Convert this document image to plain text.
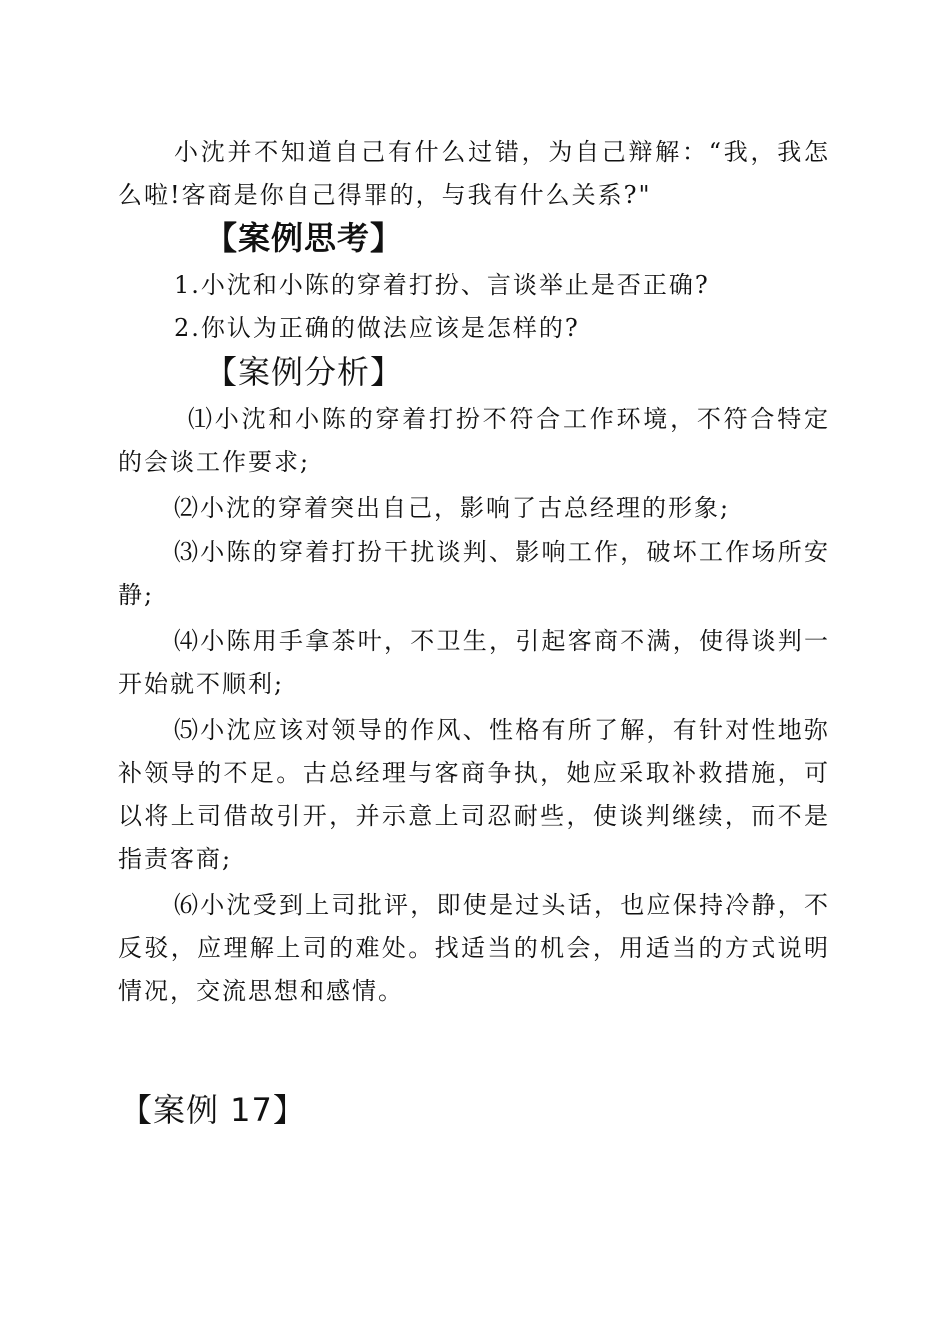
小沈并不知道自己有什么过错，为自己辩解：“我，我怎么啦!客商是你自己得罪的，与我有什么关系?"

【案例思考】

1.小沈和小陈的穿着打扮、言谈举止是否正确?

2.你认为正确的做法应该是怎样的?

【案例分析】

⑴小沈和小陈的穿着打扮不符合工作环境，不符合特定的会谈工作要求;

⑵小沈的穿着突出自己，影响了古总经理的形象;

⑶小陈的穿着打扮干扰谈判、影响工作，破坏工作场所安静;

⑷小陈用手拿茶叶，不卫生，引起客商不满，使得谈判一开始就不顺利;

⑸小沈应该对领导的作风、性格有所了解，有针对性地弥补领导的不足。古总经理与客商争执，她应采取补救措施，可以将上司借故引开，并示意上司忍耐些，使谈判继续，而不是指责客商;

⑹小沈受到上司批评，即使是过头话，也应保持冷静，不反驳，应理解上司的难处。找适当的机会，用适当的方式说明情况，交流思想和感情。

【案例 17】
